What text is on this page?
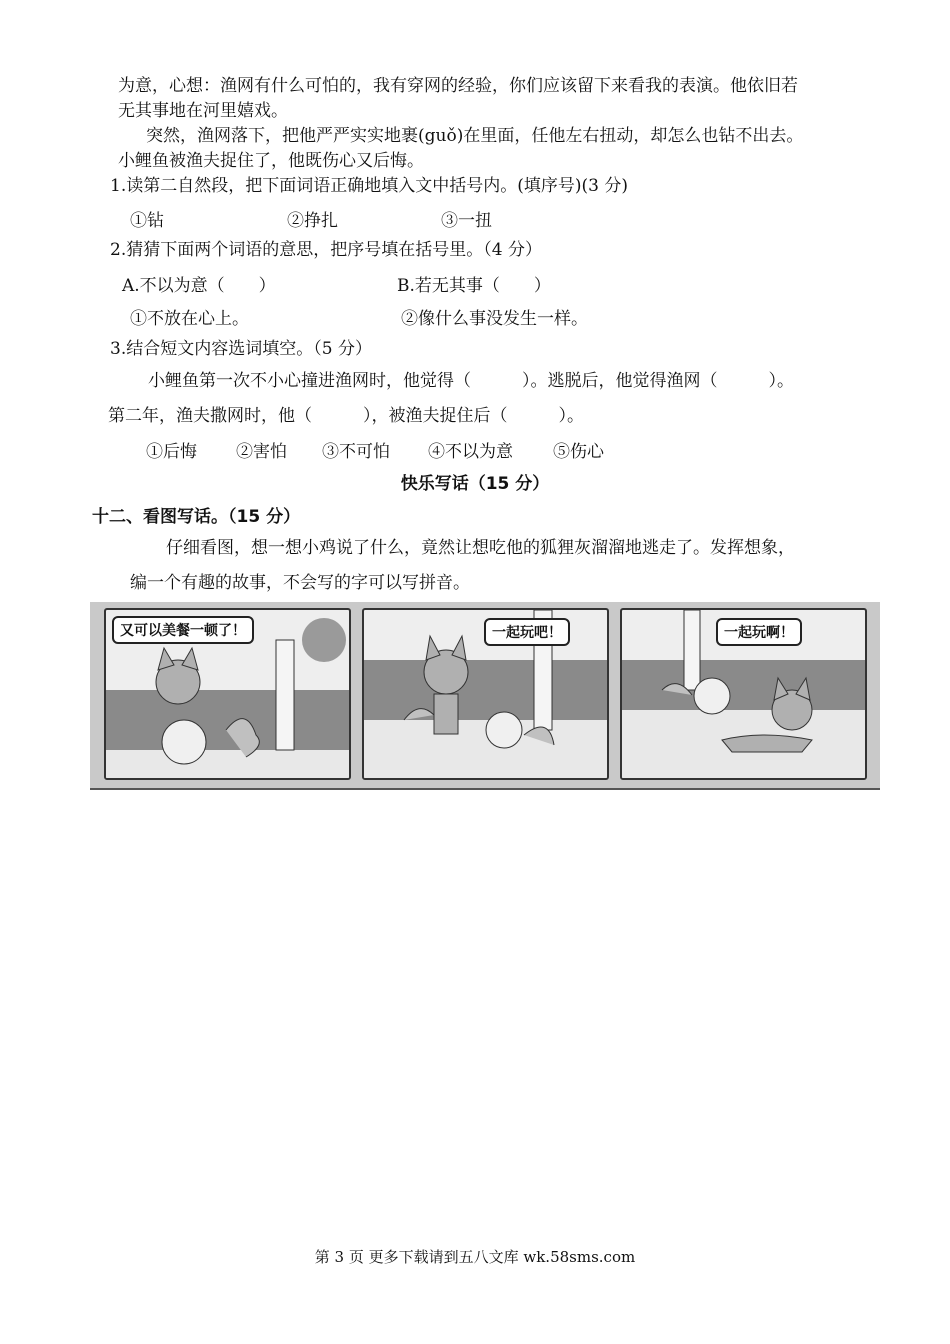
为意，心想：渔网有什么可怕的，我有穿网的经验，你们应该留下来看我的表演。他依旧若
无其事地在河里嬉戏。
突然，渔网落下，把他严严实实地裹(guǒ)在里面，任他左右扭动，却怎么也钻不出去。
小鲤鱼被渔夫捉住了，他既伤心又后悔。
1.读第二自然段，把下面词语正确地填入文中括号内。(填序号)(3 分)
①钻	②挣扎	③一扭
2.猜猜下面两个词语的意思，把序号填在括号里。（4 分）
A.不以为意（　　）	B.若无其事（　　）
①不放在心上。	②像什么事没发生一样。
3.结合短文内容选词填空。（5 分）
小鲤鱼第一次不小心撞进渔网时，他觉得（　　　）。逃脱后，他觉得渔网（　　　）。
第二年，渔夫撒网时，他（　　　），被渔夫捉住后（　　　）。
①后悔 ②害怕 ③不可怕 ④不以为意 ⑤伤心
快乐写话（15 分）
十二、看图写话。（15 分）
仔细看图，想一想小鸡说了什么，竟然让想吃他的狐狸灰溜溜地逃走了。发挥想象，
编一个有趣的故事，不会写的字可以写拼音。
又可以美餐一顿了！	一起玩吧！	一起玩啊！
第 3 页 更多下载请到五八文库 wk.58sms.com
